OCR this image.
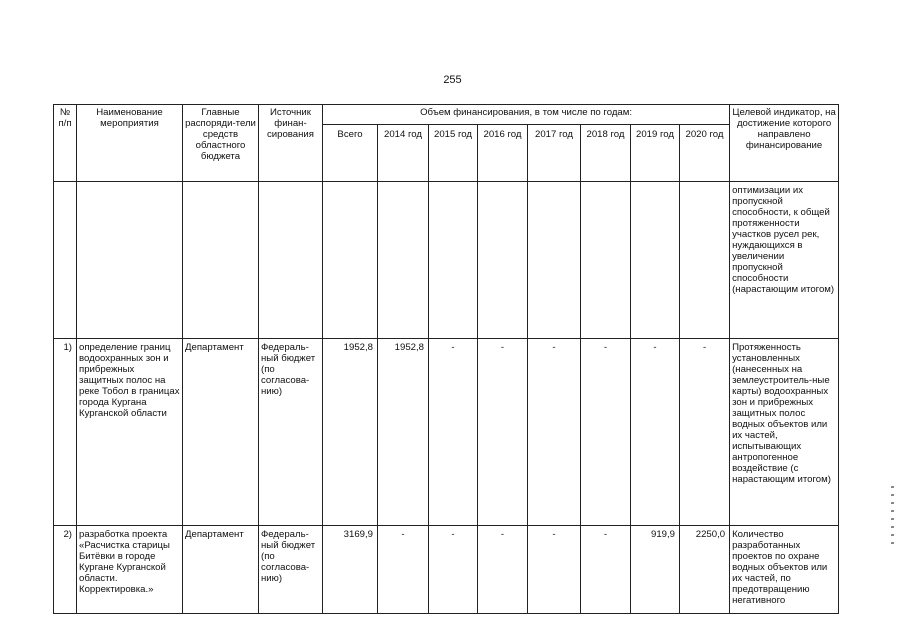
255
№
п/п	Наименование мероприятия	Главные распоряди-тели средств областного бюджета	Источник финан-сирования	Объем финансирования, в том числе по годам:								Целевой индикатор, на достижение которого направлено финансирование
				Всего	2014 год	2015 год	2016 год	2017 год	2018 год	2019 год	2020 год	
												оптимизации их пропускной способности, к общей протяженности участков русел рек, нуждающихся в увеличении пропускной способности (нарастающим итогом)
1)	определение границ водоохранных зон и прибрежных защитных полос на реке Тобол в границах города Кургана Курганской области	Департамент	Федераль-ный бюджет (по согласова-нию)	1952,8	1952,8	-	-	-	-	-	-	Протяженность установленных (нанесенных на землеустроитель-ные карты) водоохранных зон и прибрежных защитных полос водных объектов или их частей, испытывающих антропогенное воздействие (с нарастающим итогом)
2)	разработка проекта «Расчистка старицы Битёвки в городе Кургане Курганской области. Корректировка.»	Департамент	Федераль-ный бюджет (по согласова-нию)	3169,9	-	-	-	-	-	919,9	2250,0	Количество разработанных проектов по охране водных объектов или их частей, по предотвращению негативного
